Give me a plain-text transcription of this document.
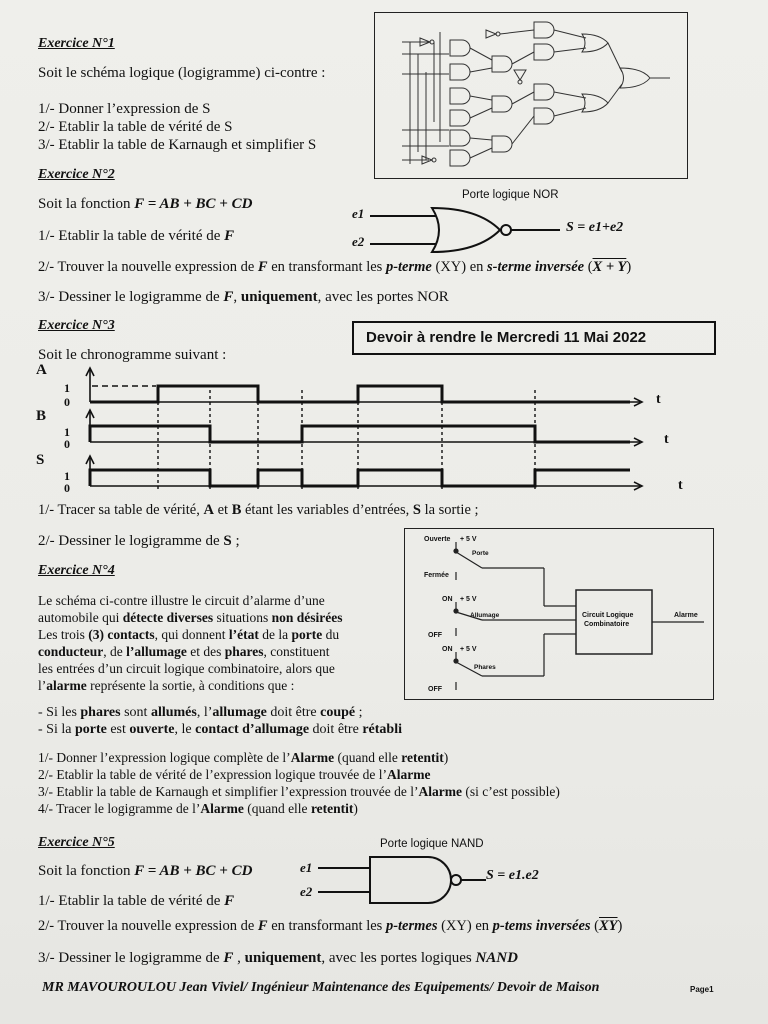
Exercice N°1
Soit le schéma logique (logigramme) ci-contre :
1/- Donner l’expression de S
2/- Etablir la table de vérité de S
3/- Etablir la table de Karnaugh et simplifier S
Exercice N°2
Soit la fonction F = AB + BC + CD
Porte logique NOR
e1
e2
S = e1+e2
1/- Etablir la table de vérité de F
2/- Trouver la nouvelle expression de F en transformant les p-terme (XY) en s-terme inversée (X + Y)
3/- Dessiner le logigramme de F, uniquement, avec les portes NOR
Exercice N°3
Devoir à rendre le Mercredi 11 Mai 2022
Soit le chronogramme suivant :
A
B
S
1
0
1
0
1
0
t
t
t
1/- Tracer sa table de vérité, A et B étant les variables d’entrées, S la sortie ;
2/- Dessiner le logigramme de S ;
Exercice N°4
Le schéma ci-contre illustre le circuit d’alarme d’une
automobile qui détecte diverses situations non désirées
Les trois (3) contacts, qui donnent l’état de la porte du
conducteur, de l’allumage et des phares, constituent
les entrées d’un circuit logique combinatoire, alors que
l’alarme représente la sortie, à conditions que :
Ouverte + 5 V
Porte
Fermée
ON + 5 V
Allumage
OFF
ON + 5 V
Phares
OFF
Circuit Logique
Combinatoire
Alarme
- Si les phares sont allumés, l’allumage doit être coupé ;
- Si la porte est ouverte, le contact d’allumage doit être rétabli
1/- Donner l’expression logique complète de l’Alarme (quand elle retentit)
2/- Etablir la table de vérité de l’expression logique trouvée de l’Alarme
3/- Etablir la table de Karnaugh et simplifier l’expression trouvée de l’Alarme (si c’est possible)
4/- Tracer le logigramme de l’Alarme (quand elle retentit)
Exercice N°5	Porte logique NAND
Soit la fonction F = AB + BC + CD	e1
e2
S = e1.e2
1/- Etablir la table de vérité de F
2/- Trouver la nouvelle expression de F en transformant les p-termes (XY) en p-tems inversées $(\overline{XY})$
3/- Dessiner le logigramme de F , uniquement, avec les portes logiques NAND
MR MAVOUROULOU Jean Viviel/ Ingénieur Maintenance des Equipements/ Devoir de Maison	Page1
